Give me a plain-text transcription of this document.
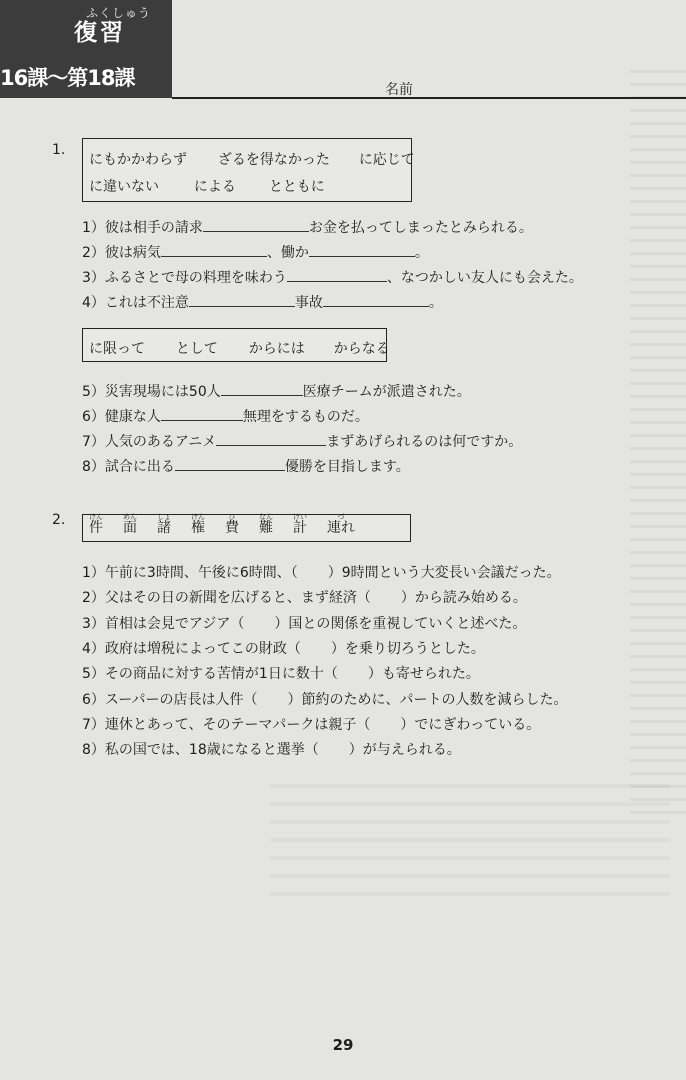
ふくしゅう
復習
16課～第18課	名前
1.
にもかかわらず ざるを得なかった に応じて
に違いない による とともに
1）彼は相手の請求	お金を払ってしまったとみられる。
2）彼は病気	、働か	。
3）ふるさとで母の料理を味わう	、なつかしい友人にも会えた。
4）これは不注意	事故	。
に限って として からには からなる
5）災害現場には50人	医療チームが派遣された。
6）健康な人	無理をするものだ。
7）人気のあるアニメ	まずあげられるのは何ですか。
8）試合に出る	優勝を目指します。
2. 件けん面めん諸しょ権けん費ひ難なん計けい連れづ
1）午前に3時間、午後に6時間、（ ）9時間という大変長い会議だった。
2）父はその日の新聞を広げると、まず経済（ ）から読み始める。
3）首相は会見でアジア（ ）国との関係を重視していくと述べた。
4）政府は増税によってこの財政（ ）を乗り切ろうとした。
5）その商品に対する苦情が1日に数十（ ）も寄せられた。
6）スーパーの店長は人件（ ）節約のために、パートの人数を減らした。
7）連休とあって、そのテーマパークは親子（ ）でにぎわっている。
8）私の国では、18歳になると選挙（ ）が与えられる。
29
